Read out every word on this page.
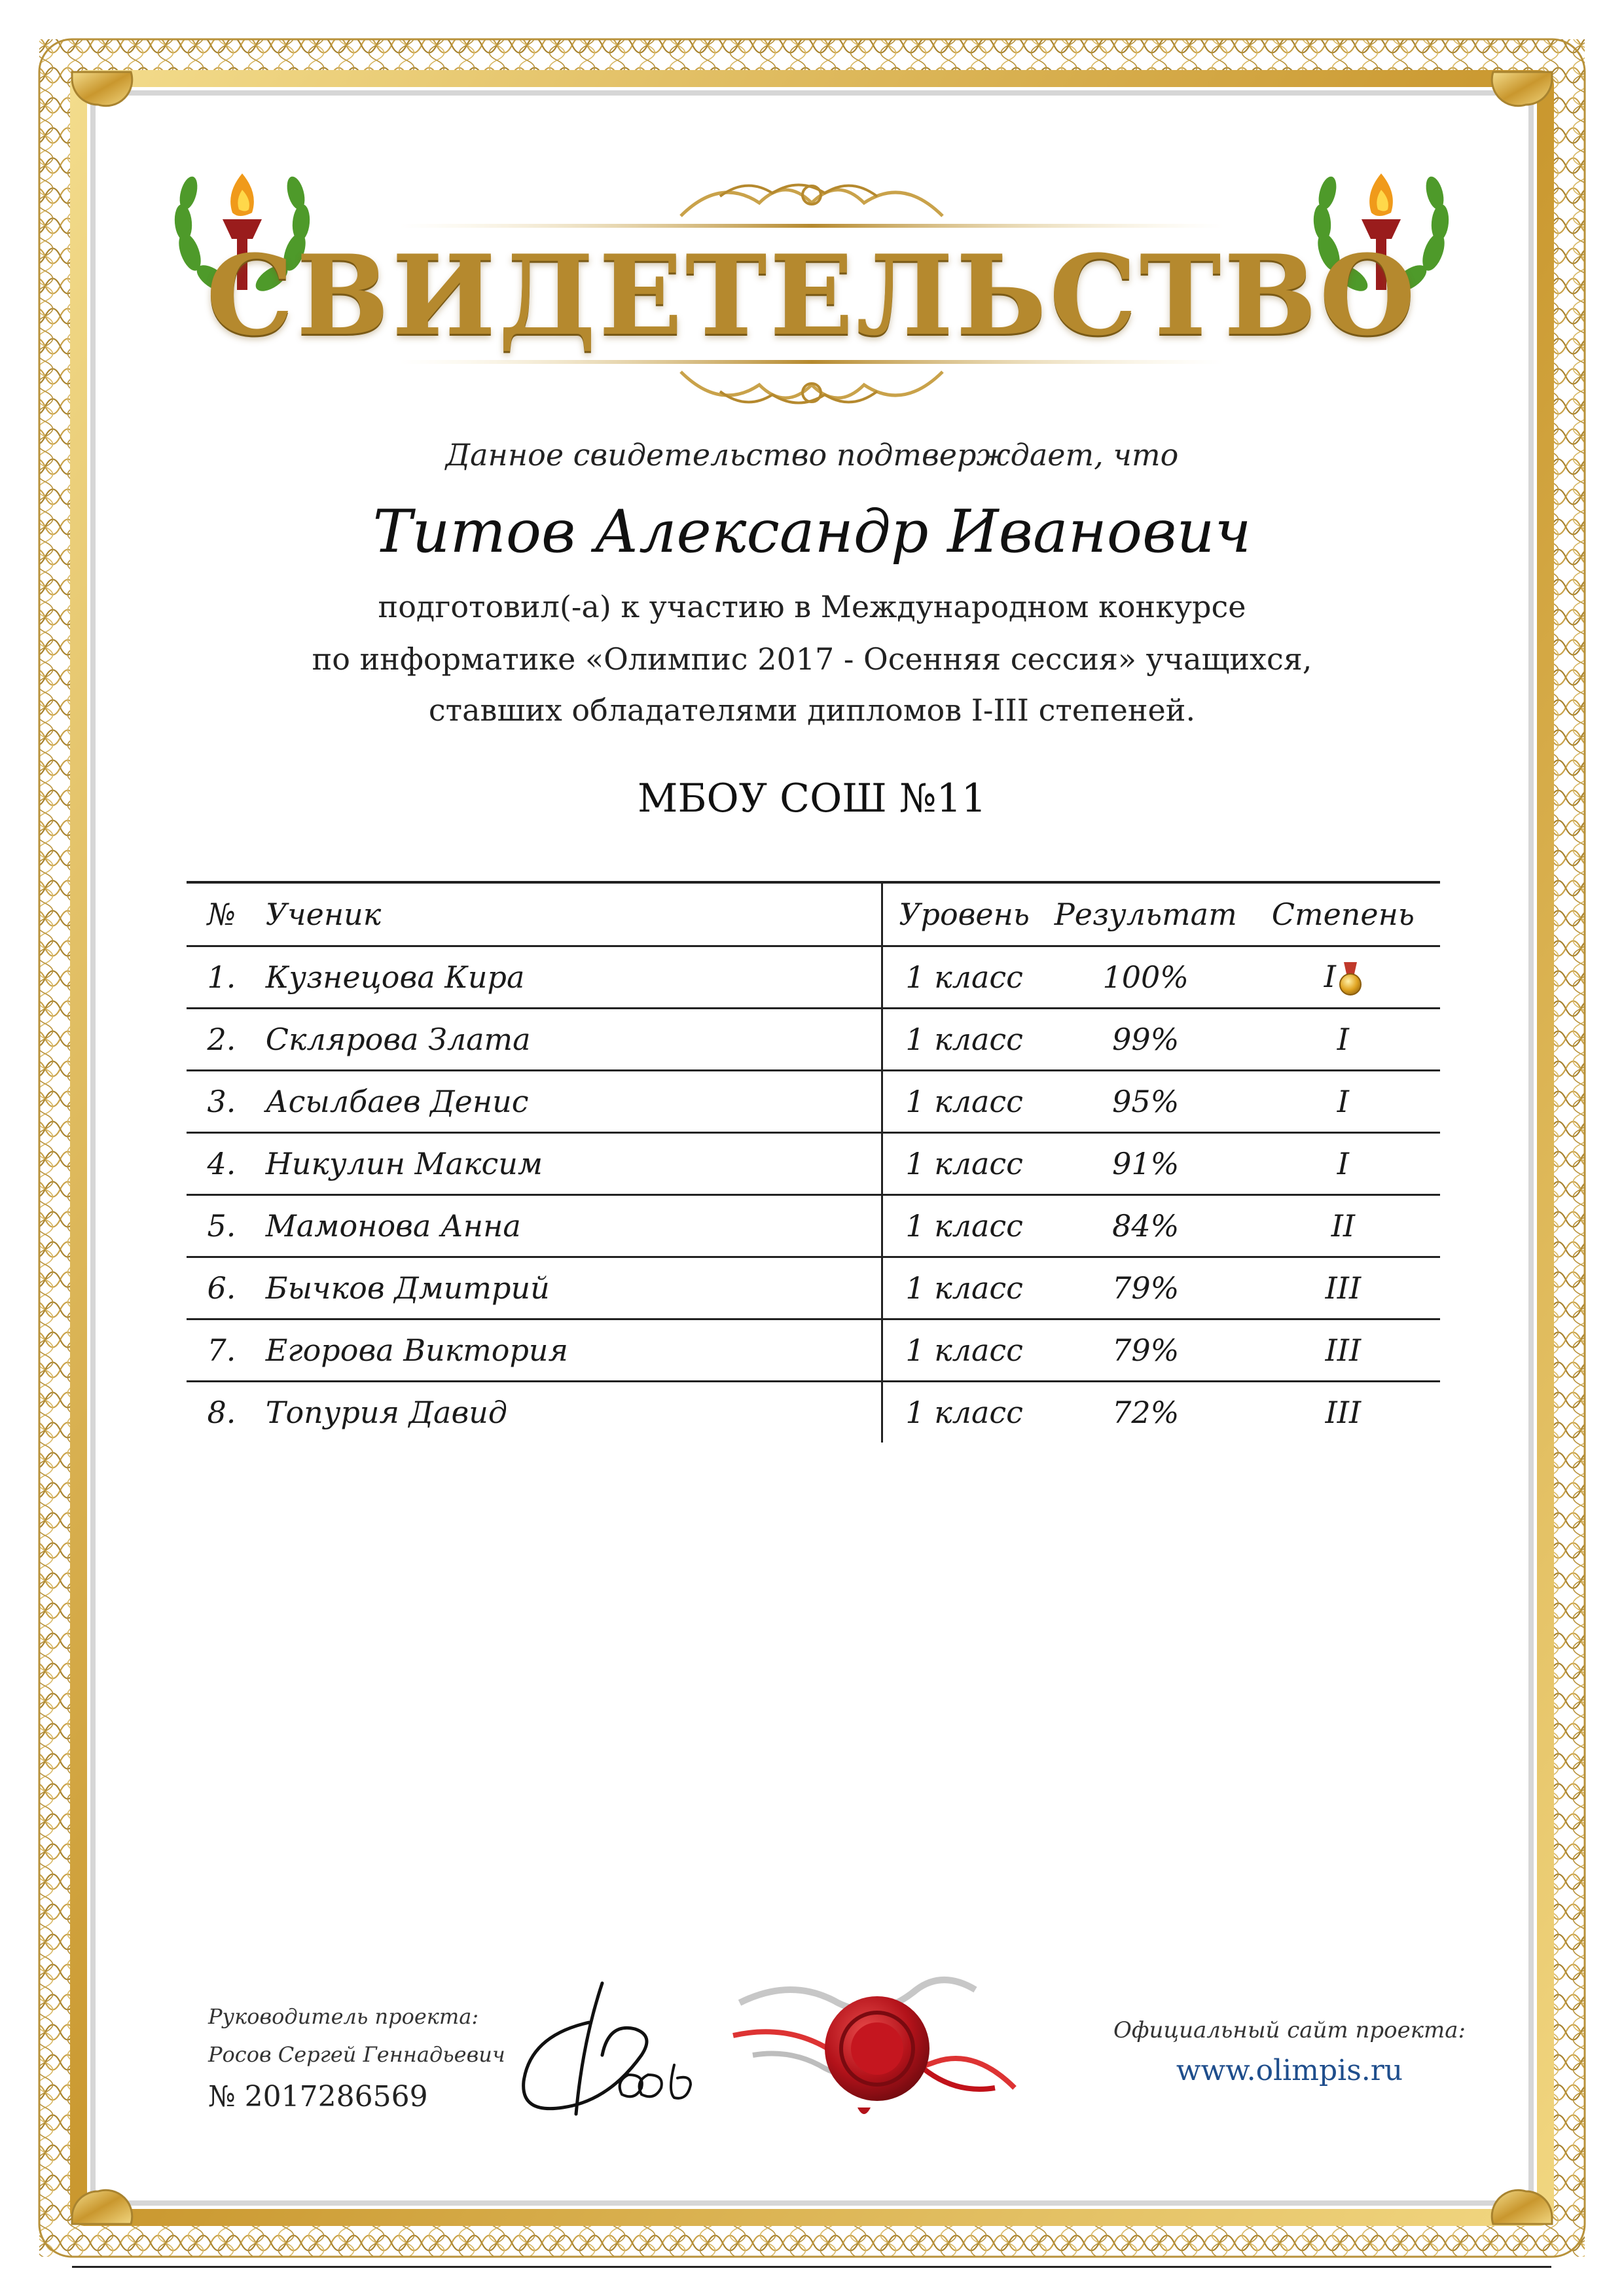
СВИДЕТЕЛЬСТВО
Данное свидетельство подтверждает, что
Титов Александр Иванович
подготовил(-а) к участию в Международном конкурсе
по информатике «Олимпис 2017 - Осенняя сессия» учащихся,
ставших обладателями дипломов I-III степеней.
МБОУ СОШ №11
№	Ученик	Уровень	Результат	Степень
1.	Кузнецова Кира	1 класс	100%	I
2.	Склярова Злата	1 класс	99%	I
3.	Асылбаев Денис	1 класс	95%	I
4.	Никулин Максим	1 класс	91%	I
5.	Мамонова Анна	1 класс	84%	II
6.	Бычков Дмитрий	1 класс	79%	III
7.	Егорова Виктория	1 класс	79%	III
8.	Топурия Давид	1 класс	72%	III
Руководитель проекта:
Росов Сергей Геннадьевич
№ 2017286569
Официальный сайт проекта:
www.olimpis.ru
